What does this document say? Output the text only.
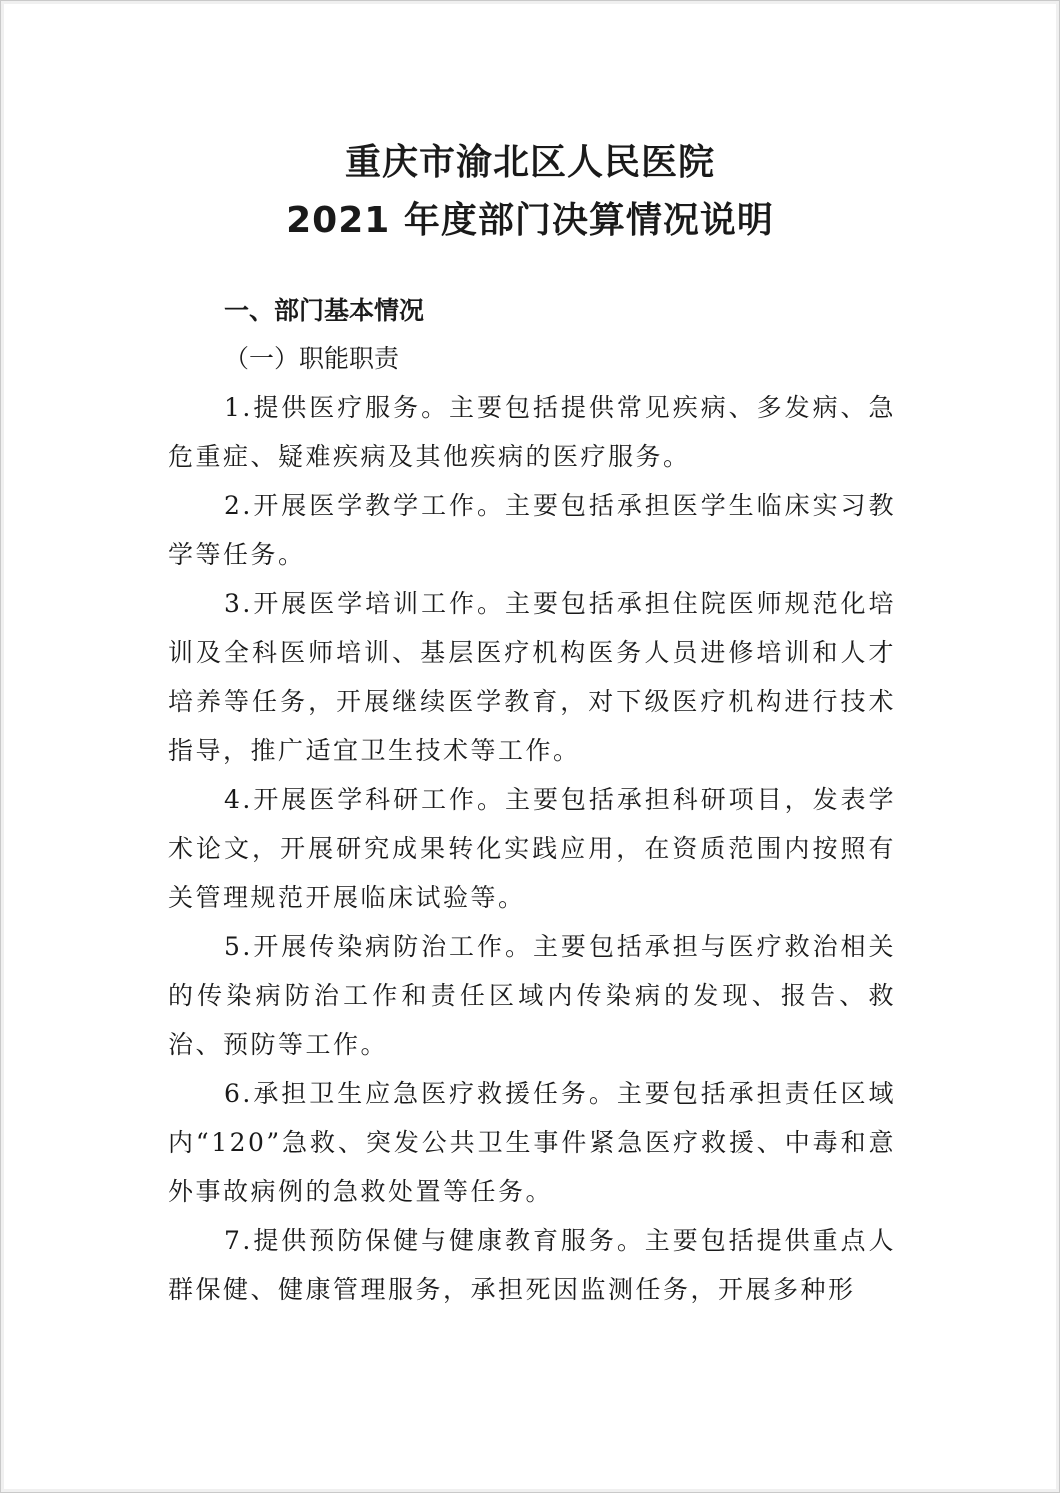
重庆市渝北区人民医院
2021 年度部门决算情况说明

一、部门基本情况

（一）职能职责

1.提供医疗服务。主要包括提供常见疾病、多发病、急危重症、疑难疾病及其他疾病的医疗服务。

2.开展医学教学工作。主要包括承担医学生临床实习教学等任务。

3.开展医学培训工作。主要包括承担住院医师规范化培训及全科医师培训、基层医疗机构医务人员进修培训和人才培养等任务，开展继续医学教育，对下级医疗机构进行技术指导，推广适宜卫生技术等工作。

4.开展医学科研工作。主要包括承担科研项目，发表学术论文，开展研究成果转化实践应用，在资质范围内按照有关管理规范开展临床试验等。

5.开展传染病防治工作。主要包括承担与医疗救治相关的传染病防治工作和责任区域内传染病的发现、报告、救治、预防等工作。

6.承担卫生应急医疗救援任务。主要包括承担责任区域内“120”急救、突发公共卫生事件紧急医疗救援、中毒和意外事故病例的急救处置等任务。

7.提供预防保健与健康教育服务。主要包括提供重点人群保健、健康管理服务，承担死因监测任务，开展多种形
